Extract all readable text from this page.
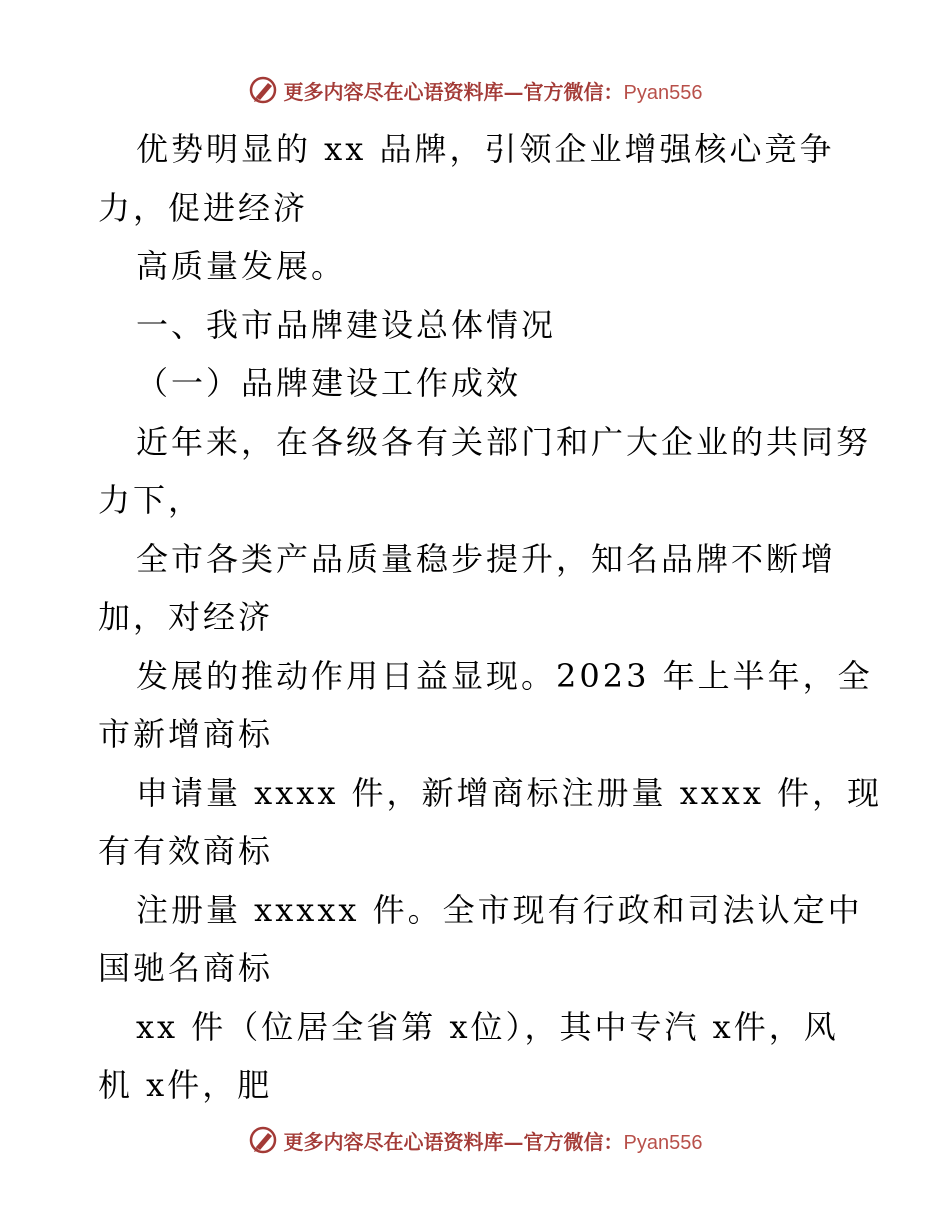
更多内容尽在心语资料库—官方微信：Pyan556
优势明显的 xx 品牌，引领企业增强核心竞争
力，促进经济
高质量发展。
一、我市品牌建设总体情况
（一）品牌建设工作成效
近年来，在各级各有关部门和广大企业的共同努
力下，
全市各类产品质量稳步提升，知名品牌不断增
加，对经济
发展的推动作用日益显现。2023 年上半年，全
市新增商标
申请量 xxxx 件，新增商标注册量 xxxx 件，现
有有效商标
注册量 xxxxx 件。全市现有行政和司法认定中
国驰名商标
xx 件（位居全省第 x位），其中专汽 x件，风
机 x件，肥
更多内容尽在心语资料库—官方微信：Pyan556
